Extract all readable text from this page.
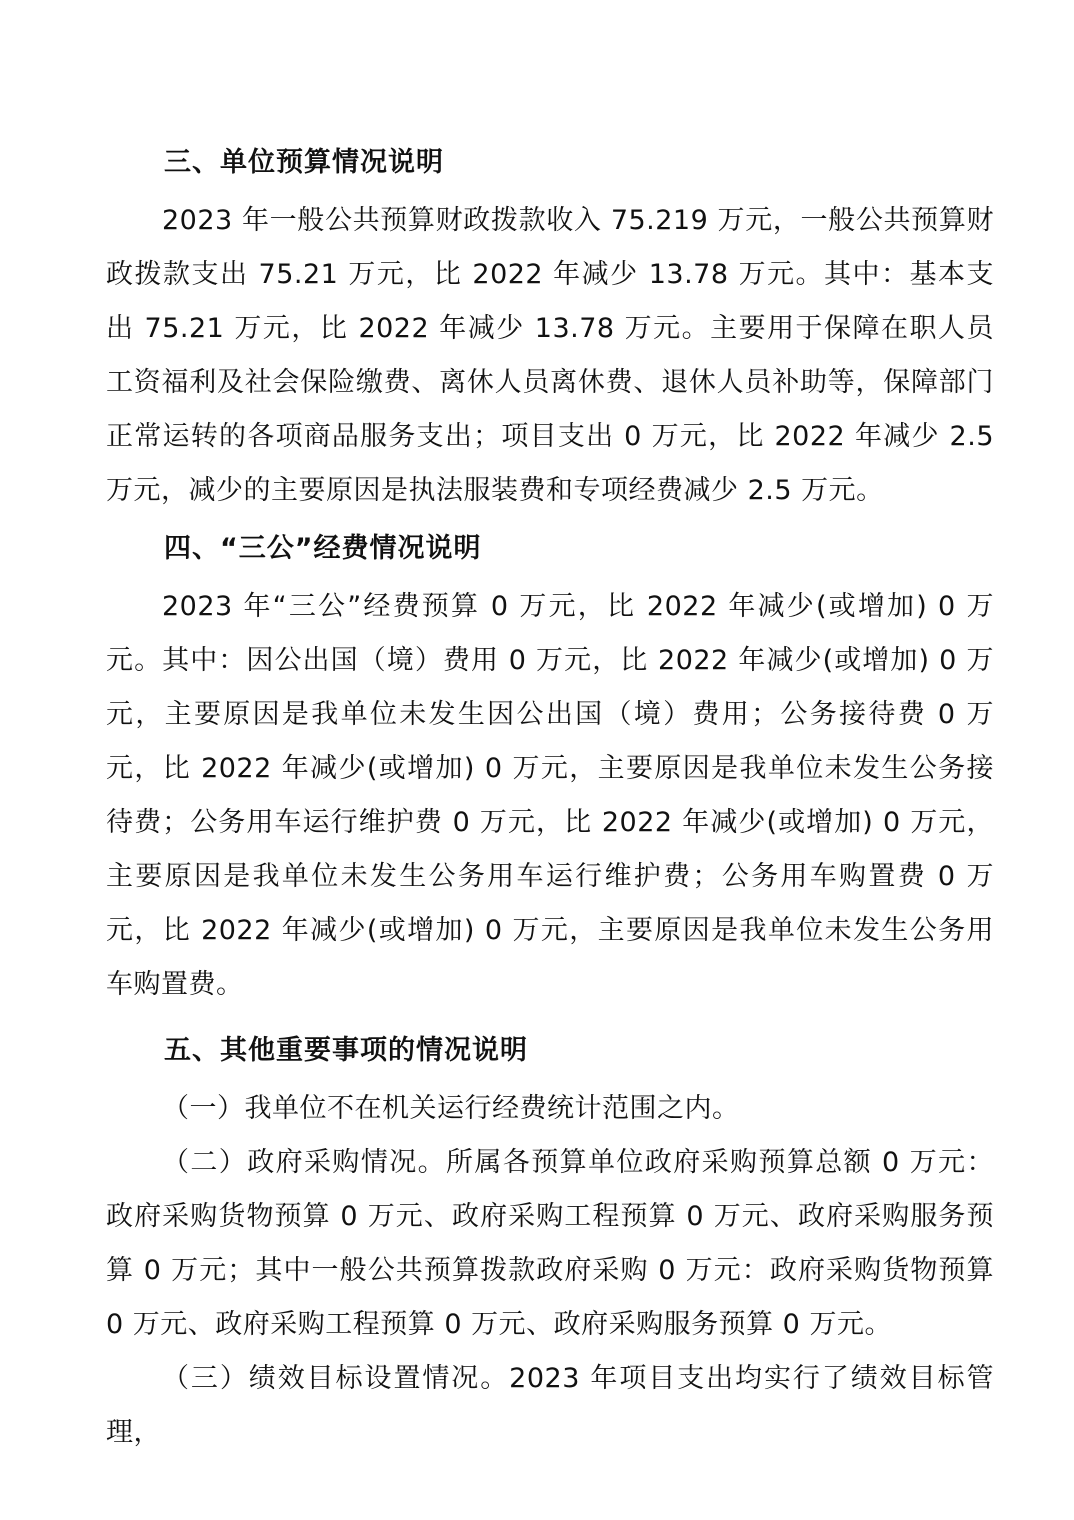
三、单位预算情况说明

2023 年一般公共预算财政拨款收入 75.219 万元，一般公共预算财政拨款支出 75.21 万元，比 2022 年减少 13.78 万元。其中：基本支出 75.21 万元，比 2022 年减少 13.78 万元。主要用于保障在职人员工资福利及社会保险缴费、离休人员离休费、退休人员补助等，保障部门正常运转的各项商品服务支出；项目支出 0 万元，比 2022 年减少 2.5 万元，减少的主要原因是执法服装费和专项经费减少 2.5 万元。

四、“三公”经费情况说明

2023 年“三公”经费预算 0 万元，比 2022 年减少(或增加) 0 万元。其中：因公出国（境）费用 0 万元，比 2022 年减少(或增加) 0 万元，主要原因是我单位未发生因公出国（境）费用；公务接待费 0 万元，比 2022 年减少(或增加) 0 万元，主要原因是我单位未发生公务接待费；公务用车运行维护费 0 万元，比 2022 年减少(或增加) 0 万元，主要原因是我单位未发生公务用车运行维护费；公务用车购置费 0 万元，比 2022 年减少(或增加) 0 万元，主要原因是我单位未发生公务用车购置费。

五、其他重要事项的情况说明

（一）我单位不在机关运行经费统计范围之内。

（二）政府采购情况。所属各预算单位政府采购预算总额 0 万元：政府采购货物预算 0 万元、政府采购工程预算 0 万元、政府采购服务预算 0 万元；其中一般公共预算拨款政府采购 0 万元：政府采购货物预算 0 万元、政府采购工程预算 0 万元、政府采购服务预算 0 万元。

（三）绩效目标设置情况。2023 年项目支出均实行了绩效目标管理，
